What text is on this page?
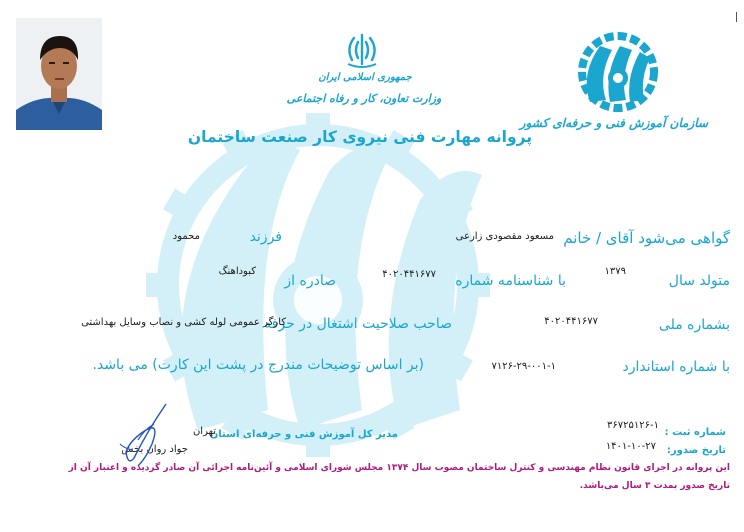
جمهوری اسلامی ایران
وزارت تعاون، کار و رفاه اجتماعی
سازمان آموزش فنی و حرفه‌ای کشور
پروانه مهارت فنی نیروی کار صنعت ساختمان
گواهی می‌شود آقای / خانم
مسعود مقصودی زارعی
فرزند
محمود
متولد سال
۱۳۷۹
با شناسنامه شماره
۴۰۲۰۴۴۱۶۷۷
صادره از
کبوداهنگ
بشماره ملی
۴۰۲۰۴۴۱۶۷۷
صاحب صلاحیت اشتغال در حرفه
کارگر عمومی لوله کشی و نصاب وسایل بهداشتی
با شماره استاندارد
۷۱۲۶-۲۹-۰۰۱-۱
(بر اساس توضیحات مندرج در پشت این کارت) می باشد.
شماره ثبت :
۳۶۷۲۵۱۲۶-۱
تاریخ صدور:
۱۴۰۱-۱۰-۲۷
مدیر کل آموزش فنی و حرفه‌ای استان
تهران
جواد روان بخش
این پروانه در اجرای قانون نظام مهندسی و کنترل ساختمان مصوب سال ۱۳۷۴ مجلس شورای اسلامی و آئین‌نامه اجرائی آن صادر گردیده و اعتبار آن از
تاریخ صدور بمدت ۳ سال می‌باشد.
